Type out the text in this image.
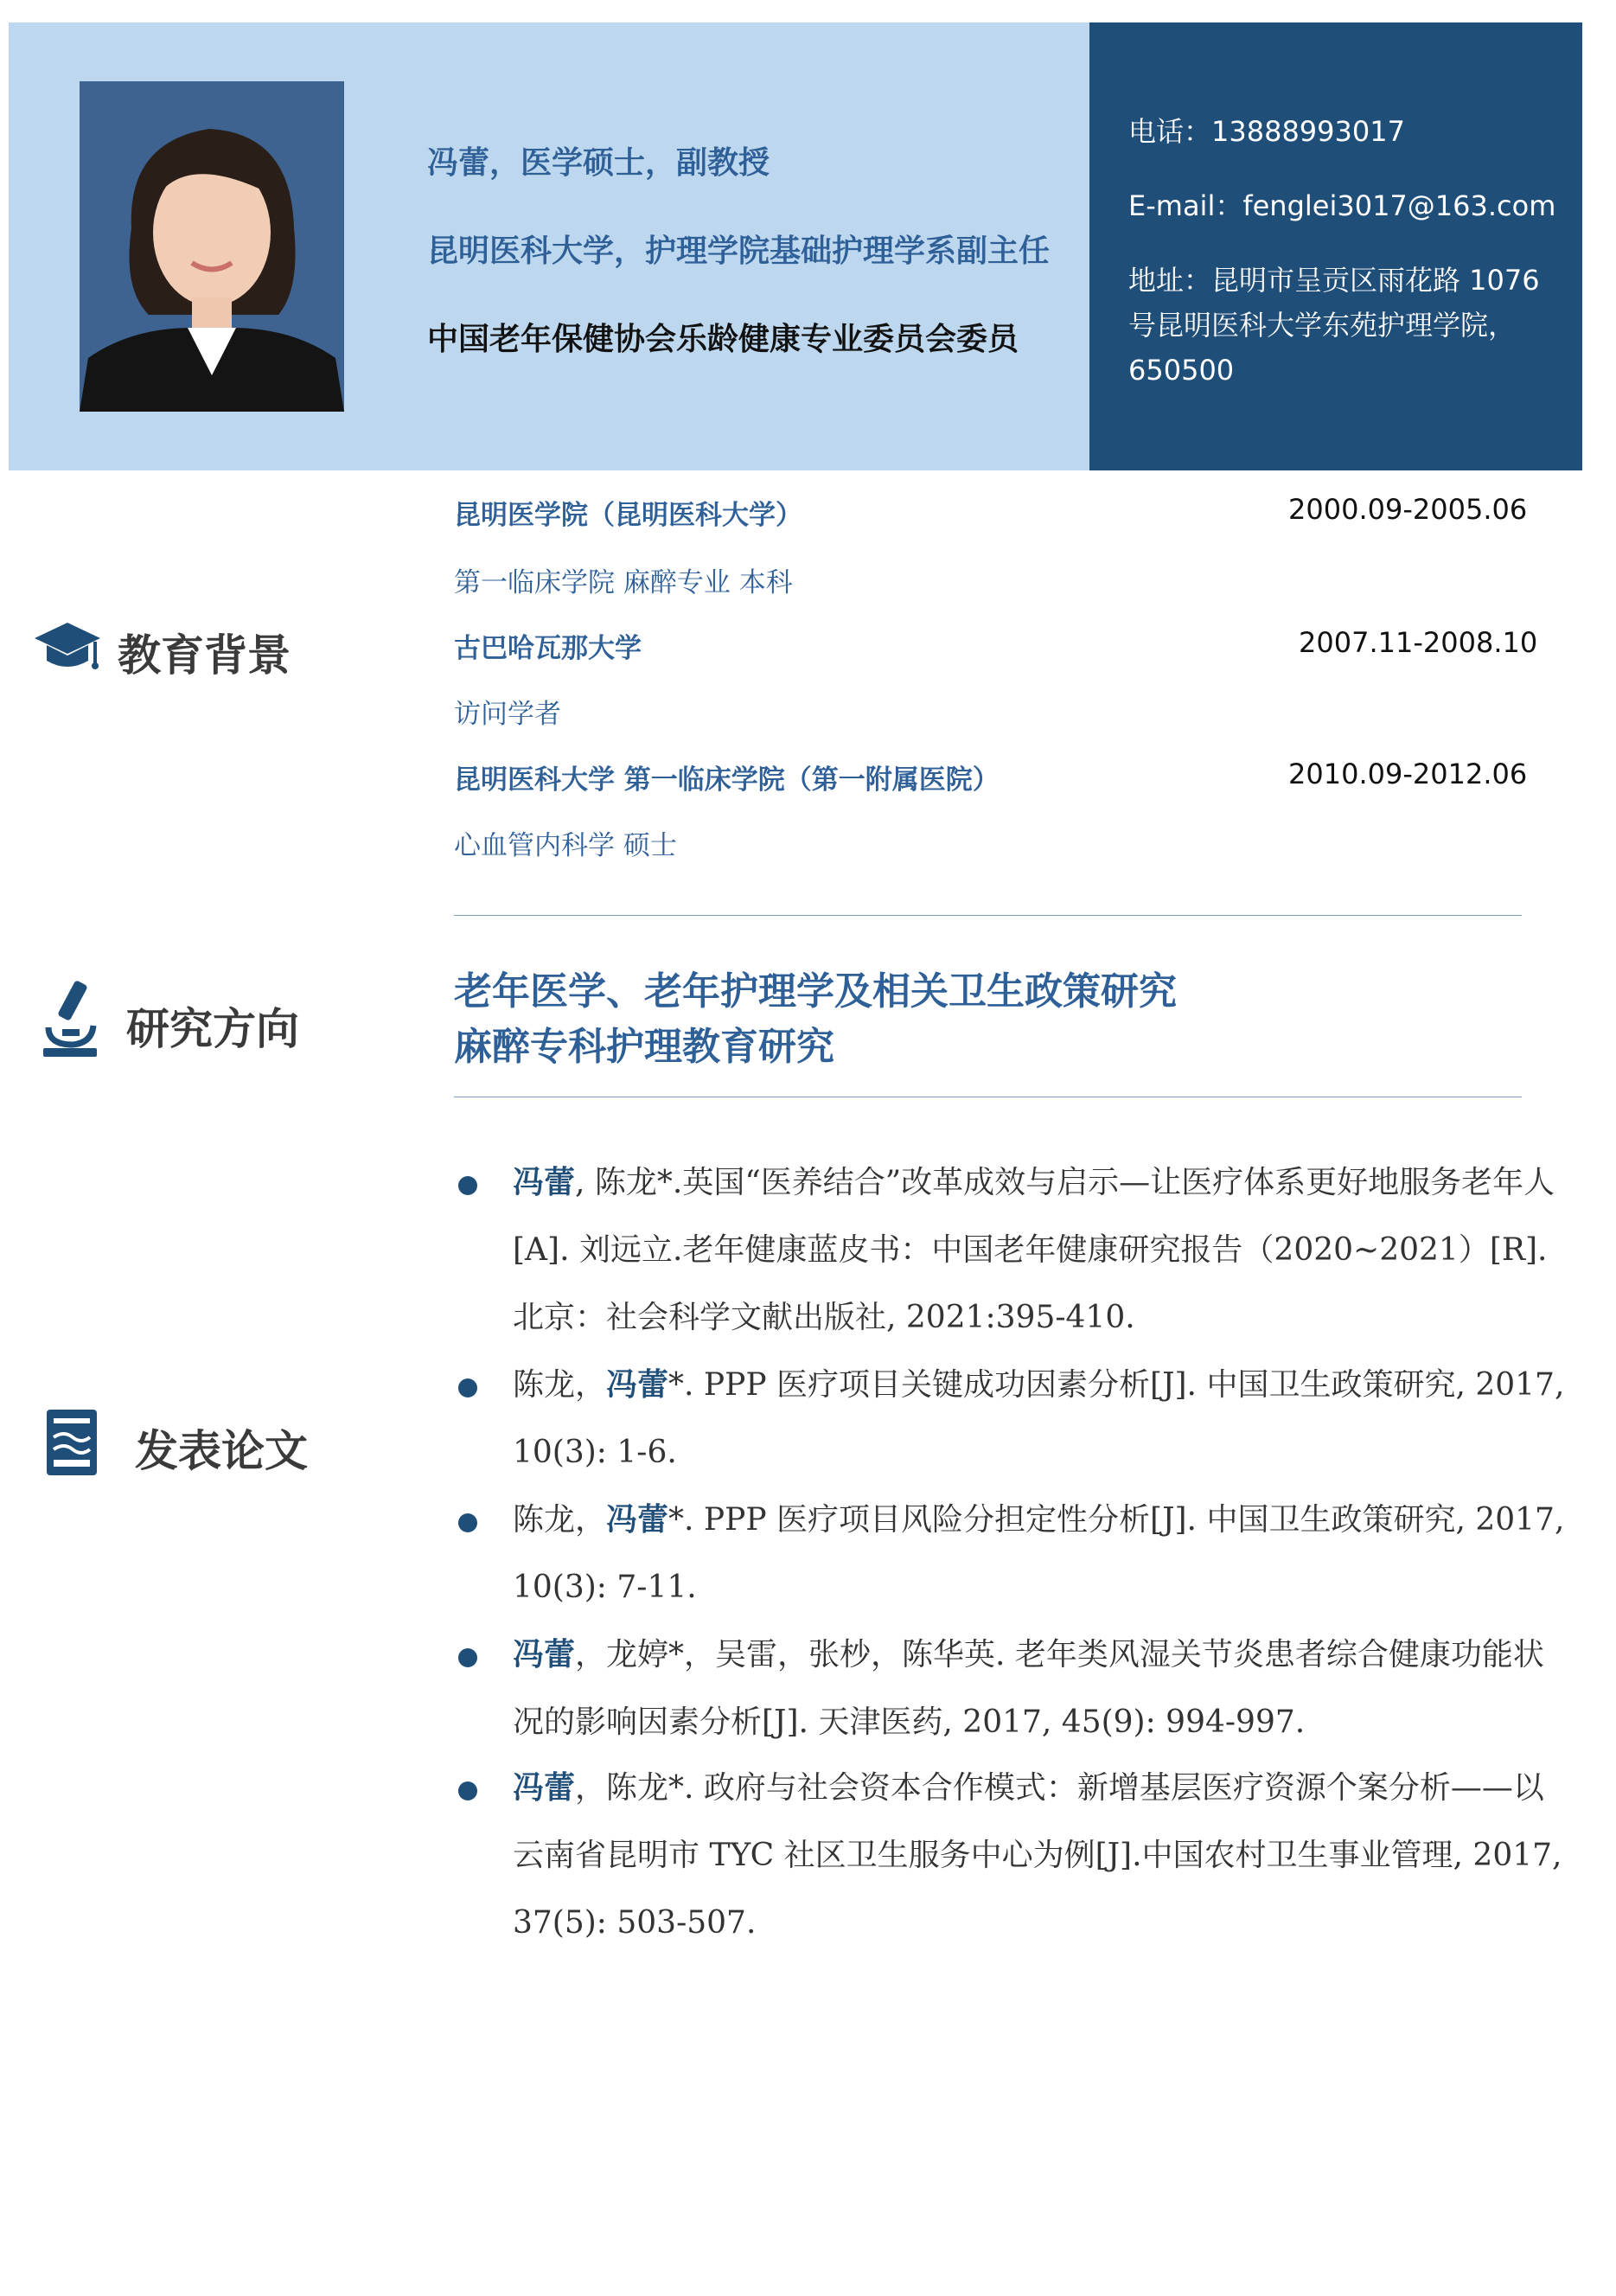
冯蕾，医学硕士，副教授
昆明医科大学，护理学院基础护理学系副主任
中国老年保健协会乐龄健康专业委员会委员
电话：13888993017
E-mail：fenglei3017@163.com
地址：昆明市呈贡区雨花路 1076 号昆明医科大学东苑护理学院，650500
教育背景
昆明医学院（昆明医科大学）	2000.09-2005.06
第一临床学院 麻醉专业 本科
古巴哈瓦那大学	2007.11-2008.10
访问学者
昆明医科大学 第一临床学院（第一附属医院）	2010.09-2012.06
心血管内科学 硕士
研究方向
老年医学、老年护理学及相关卫生政策研究
麻醉专科护理教育研究
发表论文
冯蕾, 陈龙*.英国“医养结合”改革成效与启示—让医疗体系更好地服务老年人[A]. 刘远立.老年健康蓝皮书：中国老年健康研究报告（2020~2021）[R]. 北京：社会科学文献出版社, 2021:395-410.
陈龙，冯蕾*. PPP 医疗项目关键成功因素分析[J]. 中国卫生政策研究, 2017, 10(3): 1-6.
陈龙，冯蕾*. PPP 医疗项目风险分担定性分析[J]. 中国卫生政策研究, 2017, 10(3): 7-11.
冯蕾，龙婷*，吴雷，张杪，陈华英. 老年类风湿关节炎患者综合健康功能状况的影响因素分析[J]. 天津医药, 2017, 45(9): 994-997.
冯蕾，陈龙*. 政府与社会资本合作模式：新增基层医疗资源个案分析——以云南省昆明市 TYC 社区卫生服务中心为例[J].中国农村卫生事业管理, 2017, 37(5): 503-507.
